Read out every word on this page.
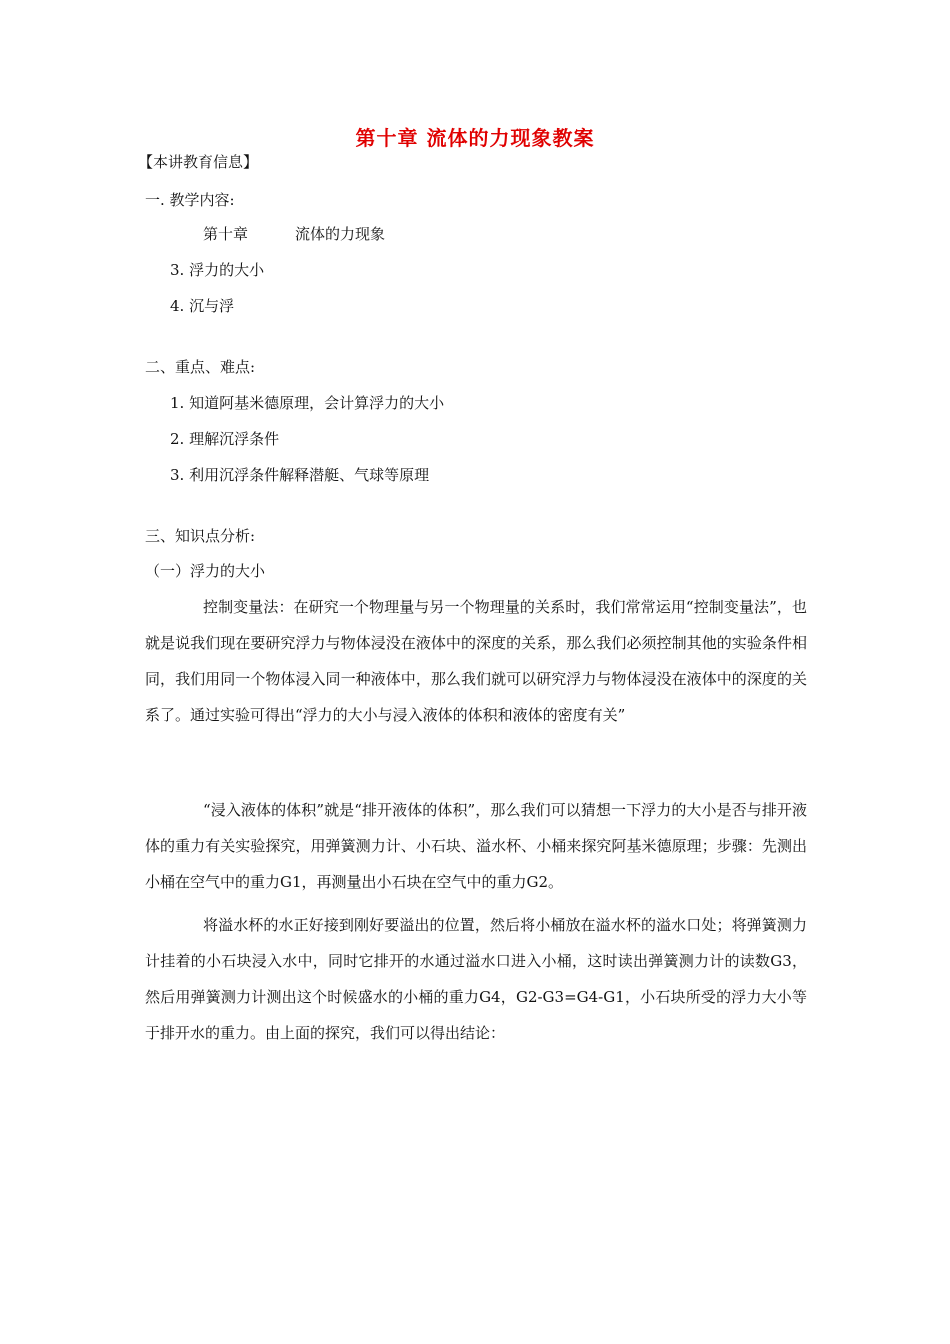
第十章 流体的力现象教案
【本讲教育信息】
一. 教学内容:
第十章	流体的力现象
3. 浮力的大小
4. 沉与浮
二、重点、难点:
1. 知道阿基米德原理，会计算浮力的大小
2. 理解沉浮条件
3. 利用沉浮条件解释潜艇、气球等原理
三、知识点分析:
（一）浮力的大小
控制变量法：在研究一个物理量与另一个物理量的关系时，我们常常运用“控制变量法”，也就是说我们现在要研究浮力与物体浸没在液体中的深度的关系，那么我们必须控制其他的实验条件相同，我们用同一个物体浸入同一种液体中，那么我们就可以研究浮力与物体浸没在液体中的深度的关系了。通过实验可得出“浮力的大小与浸入液体的体积和液体的密度有关”
“浸入液体的体积”就是“排开液体的体积”，那么我们可以猜想一下浮力的大小是否与排开液体的重力有关实验探究，用弹簧测力计、小石块、溢水杯、小桶来探究阿基米德原理；步骤：先测出小桶在空气中的重力G1，再测量出小石块在空气中的重力G2。
将溢水杯的水正好接到刚好要溢出的位置，然后将小桶放在溢水杯的溢水口处；将弹簧测力计挂着的小石块浸入水中，同时它排开的水通过溢水口进入小桶，这时读出弹簧测力计的读数G3，然后用弹簧测力计测出这个时候盛水的小桶的重力G4，G2-G3=G4-G1，小石块所受的浮力大小等于排开水的重力。由上面的探究，我们可以得出结论：
